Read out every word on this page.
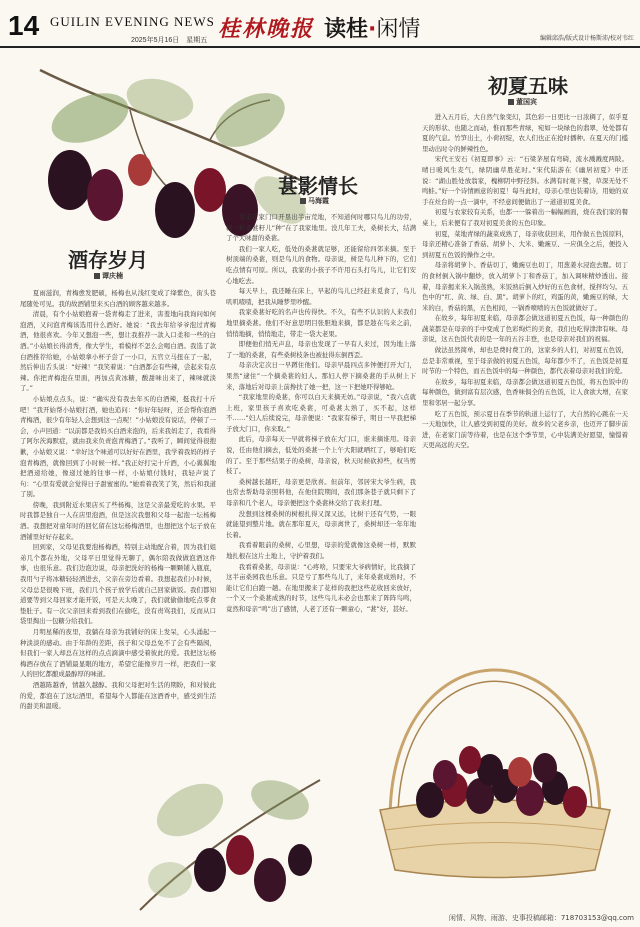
14 GUILIN EVENING NEWS
2025年5月16日　星期五 桂林晚报 读桂·闲情	编辑邱浩/版式设计杨斯沛/校对韦红
初夏五味
董国宾

进入五月后，大自然气象变幻，其色彩一日更比一日浓稠了，似乎夏天的形状、也随之而动，惟而那些青绿，宛如一块绿色的翡翠，处处都有夏的气息。竹笋出土，小荷初绽，农人们也正在抢时播种。在夏天的门槛里动出时令的鲜辣性色。

宋代王安石《初夏即事》云：“石梁茅屋有弯碕，流水溅溅度两陂。晴日暖风生麦气，绿阴幽草胜花时。”宋代陆游在《幽居初夏》中还说：“湖山胜处放翁家，槐柳阴中野径斜。水满有时观下鹭，草深无处不鸣蛙。”好一个诗情画意的初夏！每当此时，母亲心里也装着诗，用她的双手在灶台的一点一滴中，不经意间便做出了一道道初夏美食。

初夏与农家较有关系，也都一一躲着出一幅幅画面，烧在我们家的餐桌上，后来便有了我对初夏美食的五色印象。

初夏，菜地青绿的蔬菜成熟了，母亲收获回来，用作做五色饭原料，母亲还精心准备了香菇、胡萝卜、大米、嫩豌豆、一应俱全之后，便投入到初夏五色饭的操作之中。

母亲将胡萝卜、香菇切丁，嫩豌豆也切丁，用葱姜水浸泡去腥。切丁的食材倒入锅中翻炒，放入胡萝卜丁和香菇丁，加入调味精炒透出。接着，母亲揭来米入锅蒸熟，米饭熟后倒入炒好的五色食材，搅拌均匀。五色中的“红、黄、绿、白、黑”。胡萝卜的红，鸡蛋的黄，嫩豌豆的绿，大米的白，香菇的黑，五色相间，一锅香喷喷的五色饭就做好了。

在故乡，每年初夏来临，母亲都会做这道初夏五色饭，每一种颜色的蔬菜都是在母亲的手中变成了色彩绚烂的美食，我们也吃得津津有味。母亲说，这五色饭代表的是一年的五谷丰登，也是母亲对我们的祝福。

做法虽然简单，却也是费时费工的，这家乡的人们，对初夏五色饭，总是非常重视，至于母亲做的初夏五色饭，每年都少不了，五色饭是初夏时节的一个特色，而五色饭中的每一种颜色，都代表着母亲对我们的爱。

在故乡，每年初夏来临，母亲都会做这道初夏五色饭，将五色饭中的每种颜色，做到富有层次感，色香味俱全的五色饭，让人食欲大增，在家里和邻居一起分享。

吃了五色饭，预示夏日在季节的轨道上运行了，大自然的心跳在一天一天地加快，让人感受到初夏的美好。故乡的父老乡亲，也迈开了脚步前进，在老家门前等待着，也是在这个季节里，心中装满美好愿望，憧憬着天更高远的天空。

葚影情长
马海霞

母亲在家门口开垦出半亩荒地，不知道何时哪只鸟儿的功劳，将一粒桑葚籽儿“种”在了我家地里。没几年工夫，桑树长大，结满了个大味甜的桑葚。

我们一家人吃，低处的桑葚就足够，还能留给四邻来摘。至于树顶端的桑葚，则是鸟儿的食物。母亲说，树是鸟儿种下的，它们吃点情有可原。所以，我家的小孩子不许用石头打鸟儿，让它们安心地吃去。

每天早上，我还睡在床上，早起的鸟儿已经赶来觅食了，鸟儿叽叽喳喳，把我从睡梦里吵醒。

我家桑葚好吃的名声也传得快。不久，有些不认识的人来我们地里摘桑葚。他们不好意思明目张胆地来摘，都是趁在鸟来之前，悄悄地摘，悄悄地走，带走一袋大老果。

即便他们悄无声息，母亲也发现了一早有人来过，因为地上落了一地的桑葚，有些桑树枝条也被扯得东倒西歪。

母亲决定次日一早蹲住他们。母亲早晨四点多钟便打开大门，果然“逮住”一个摘桑葚的妇人。那妇人停下摘桑葚的手从树上下来，落地后对母亲上前搀扶了她一把，这一下把她吓得够呛。

“我家地里的桑葚，你可以白天来摘无妨。”母亲说，“我六点就上班，家里孩子喜欢吃桑葚，可桑葚太熟了，买不起，这样不……”妇人后续说完，母亲便说：“我家有梯子，明日一早我把梯子放大门口，你来取。”

此后，母亲每天一早就将梯子放在大门口，谁来摘谁用。母亲说，任由他们摘去，低处的桑葚一个上午大阳就晒红了，够咱们吃的了。至于那些结果子的桑树，母亲说，秋天时候砍掉些，权当剪枝了。

桑树越长越旺，母亲更是欣喜。但前年，邻居宋大爷生病，我也常去帮助母亲照料他，在他住院期间，我们那条巷子就只剩下了母亲和几个老人，母亲便把这个桑葚林交给了我来打理。

没想到这棵桑树的树根扎得又深又远，比树干还有气势，一眼就能望到整片地。就在那年夏天，母亲离世了，桑树却还一年年地长着。

我看着眼前的桑树，心里想，母亲的爱就像这桑树一样，默默地扎根在这片土地上，守护着我们。

我看着桑葚，母亲说：“心疼啥，只要宋大爷病情好，比我摘了这半亩桑园我也乐意。只是亏了那些鸟儿了，来年桑葚成熟时，不能让它们白跑一趟。在地里搬来了花样的我把这些花收回来放好，一个又一个桑葚成熟的时节，这些鸟儿未必会也那来了阵阵鸟鸣，竟然和母亲“鸣”出了感情，人老了还有一颗童心，“葚”好，甚好。

酒存岁月
谭庆楠

夏雨滋润，青梅愈发肥硕，杨梅也从浅红变成了绛紫色，街头巷尾随处可见。我的故酒铺里来买白酒的顾客越来越多。

清晨，有个小姑娘抱着一袋青梅走了进来，害羞地向我询问如何泡酒，又问泡青梅该选用什么酒好。她说：“我去年给爷爷泡过青梅酒，他很喜欢。今年又想泡一些，想让我推荐一款入口柔和一些的白酒。”小姑娘长得清秀，像大学生，看模样不怎么会喝白酒。我选了款白酒推荐给她，小姑娘拿小杯子尝了一小口，五官立马扭在了一起，然后伸出舌头说：“好辣！”我笑着说：“白酒都会有些辣，尝起来有点辣。你把青梅泡在里面，再加点黄冰糖，酸甜味出来了，辣味就淡了。”

小姑娘点点头，说：“确实没有我去年买的白酒辣，挺我打十斤吧！”我开始帮小姑娘打酒，她也追问：“你好年轻呀，还会帮你泡酒青梅酒，很少有年轻人会想到这一点呢！”小姑娘没有说话，停顿了一会，小声回道：“以前都是我妈买白酒来泡的，后来我妈走了，我看得了阿尔茨海默症，就由我来负责泡青梅酒了。”我听了，瞬间觉得很抱歉，小姑娘又说：“幸好这个味道可以好好在酒里，我学着我妈的样子泡青梅酒，就像回到了小时候一样。”我正好打完十斤酒，小心翼翼地把酒递给她，像递过她的往事一样，小姑娘付钱时，我轻声说了句：“心里有爱就会觉得日子甜蜜蜜的。”她看着我笑了笑，然后和我道了别。

傍晚，我到附近水果店买了些杨梅，这是父亲最爱吃的水果。平时我都是独自一人在店里泡酒，但是这次我想和父母一起泡一坛杨梅酒。我想把对童年时的回忆留在这坛杨梅酒里，也想把这个坛子放在酒铺里好好存起来。

回到家，父母见我要泡杨梅酒，特别主动地配合着，因为我们姐弟几个都在外地，父母平日里觉得无聊了，偶尔陪我做做泡酒这件事，也很乐意。我们边泡边说，母亲把洗好的杨梅一颗颗铺入瓶底，我用勺子将冰糖轻轻洒进去，父亲在旁边看着。我想起我们小时候，父母总是很晚下班，我们几个孩子放学后就自己回家做饭。我们都知道要等到父母回家才能开饭，可是天太晚了，我们就偷偷地吃点零食垫肚子。有一次父亲回来看到我们在偷吃，没有责骂我们，反而从口袋里掏出一包糖分给我们。

月明星稀的夜里，我躺在母亲为我铺好的床上发呆，心头涌起一种淡淡的感动。由于年龄的差距，孩子和父母总免不了会有些隔阂，但我们一家人却总在这样的点点滴滴中感受着彼此的爱。我把这坛杨梅酒存放在了酒铺最显眼的地方，希望它能像岁月一样，把我们一家人的回忆都酿成最醇厚的味道。

酒越陈越香，情越久越醇。我和父母把对生活的期盼，和对彼此的爱，都泡在了这坛酒里，希望每个人都能在这酒香中，感受到生活的甜美和温暖。

闲情、风物、雨游、史事投稿邮箱：718703153@qq.com
